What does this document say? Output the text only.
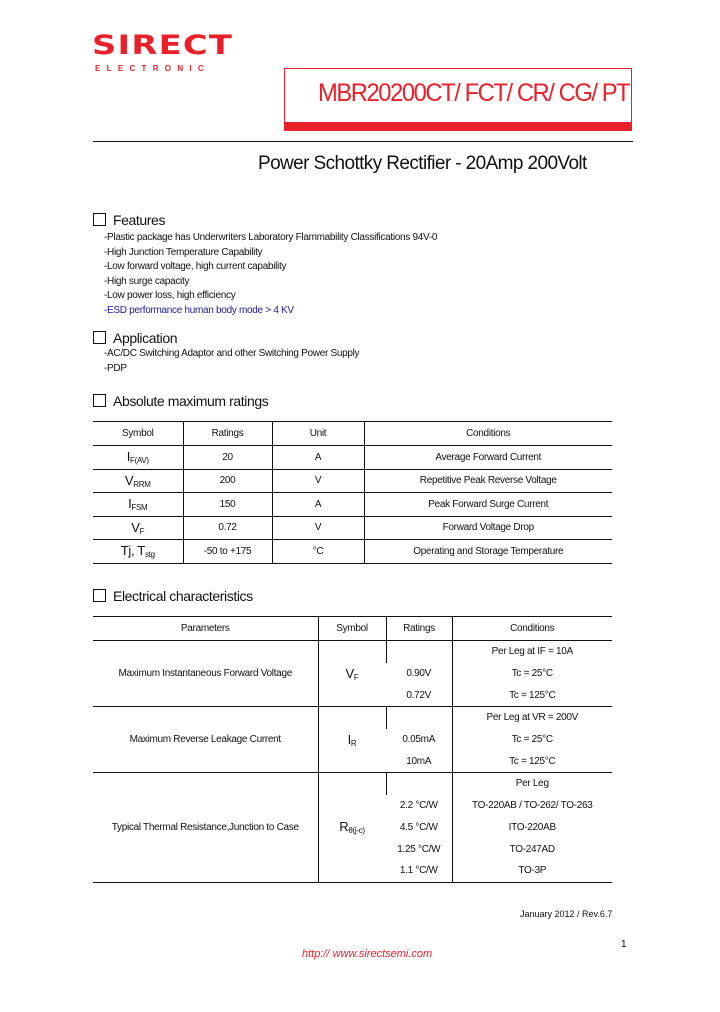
SIRECT
ELECTRONIC
MBR20200CT/ FCT/ CR/ CG/ PT
Power Schottky Rectifier - 20Amp 200Volt
Features
-Plastic package has Underwriters Laboratory Flammability Classifications 94V-0
-High Junction Temperature Capability
-Low forward voltage, high current capability
-High surge capacity
-Low power loss, high efficiency
-ESD performance human body mode > 4 KV
Application
-AC/DC Switching Adaptor and other Switching Power Supply
-PDP
Absolute maximum ratings
Symbol	Ratings	Unit	Conditions
$I_{F(AV)}$	20	A	Average Forward Current
$V_{RRM}$	200	V	Repetitive Peak Reverse Voltage
$I_{FSM}$	150	A	Peak Forward Surge Current
$V_F$	0.72	V	Forward Voltage Drop
Tj, $T_{stg}$	-50 to +175	°C	Operating and Storage Temperature
Electrical characteristics
Parameters	Symbol	Ratings	Conditions
Maximum Instantaneous Forward Voltage	$V_F$		Per Leg at IF = 10A
		0.90V	Tc = 25°C
		0.72V	Tc = 125°C
Maximum Reverse Leakage Current	$I_R$		Per Leg at VR = 200V
		0.05mA	Tc = 25°C
		10mA	Tc = 125°C
Typical Thermal Resistance,Junction to Case	$R_{\theta(j-c)}$		Per Leg
		2.2 °C/W	TO-220AB / TO-262/ TO-263
		4.5 °C/W	ITO-220AB
		1.25 °C/W	TO-247AD
		1.1 °C/W	TO-3P
January 2012 / Rev.6.7
1
http:// www.sirectsemi.com
